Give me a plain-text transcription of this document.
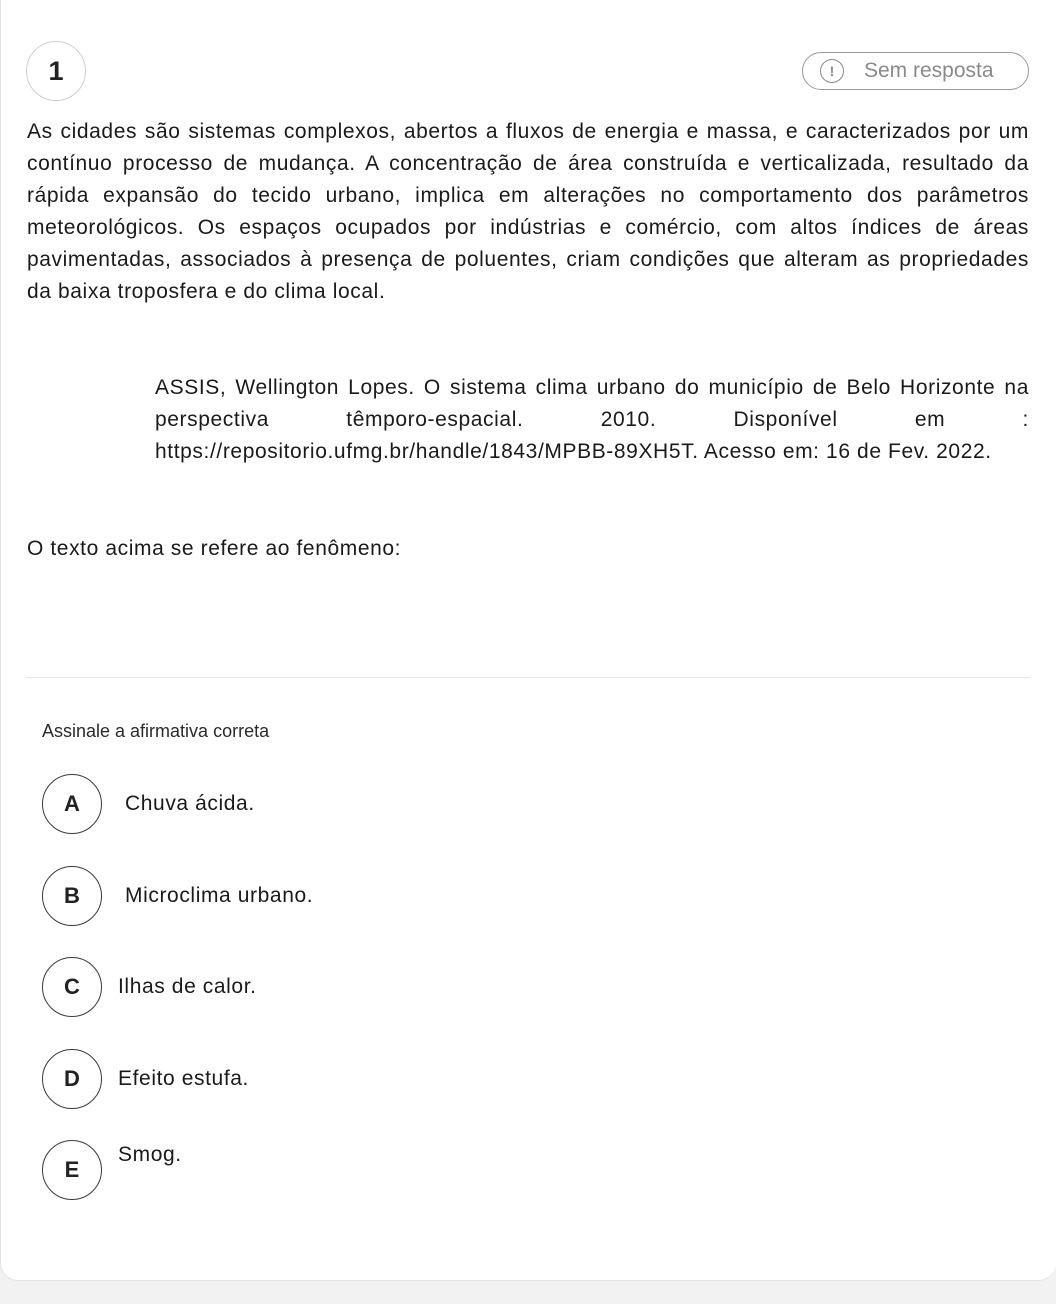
1	!	Sem resposta
As cidades são sistemas complexos, abertos a fluxos de energia e massa, e caracterizados por um contínuo processo de mudança. A concentração de área construída e verticalizada, resultado da rápida expansão do tecido urbano, implica em alterações no comportamento dos parâmetros meteorológicos. Os espaços ocupados por indústrias e comércio, com altos índices de áreas pavimentadas, associados à presença de poluentes, criam condições que alteram as propriedades da baixa troposfera e do clima local.
ASSIS, Wellington Lopes. O sistema clima urbano do município de Belo Horizonte na perspectiva têmporo-espacial. 2010. Disponível em : https://repositorio.ufmg.br/handle/1843/MPBB-89XH5T. Acesso em: 16 de Fev. 2022.
O texto acima se refere ao fenômeno:
Assinale a afirmativa correta
A	Chuva ácida.
B	Microclima urbano.
C	Ilhas de calor.
D	Efeito estufa.
E
Smog.
